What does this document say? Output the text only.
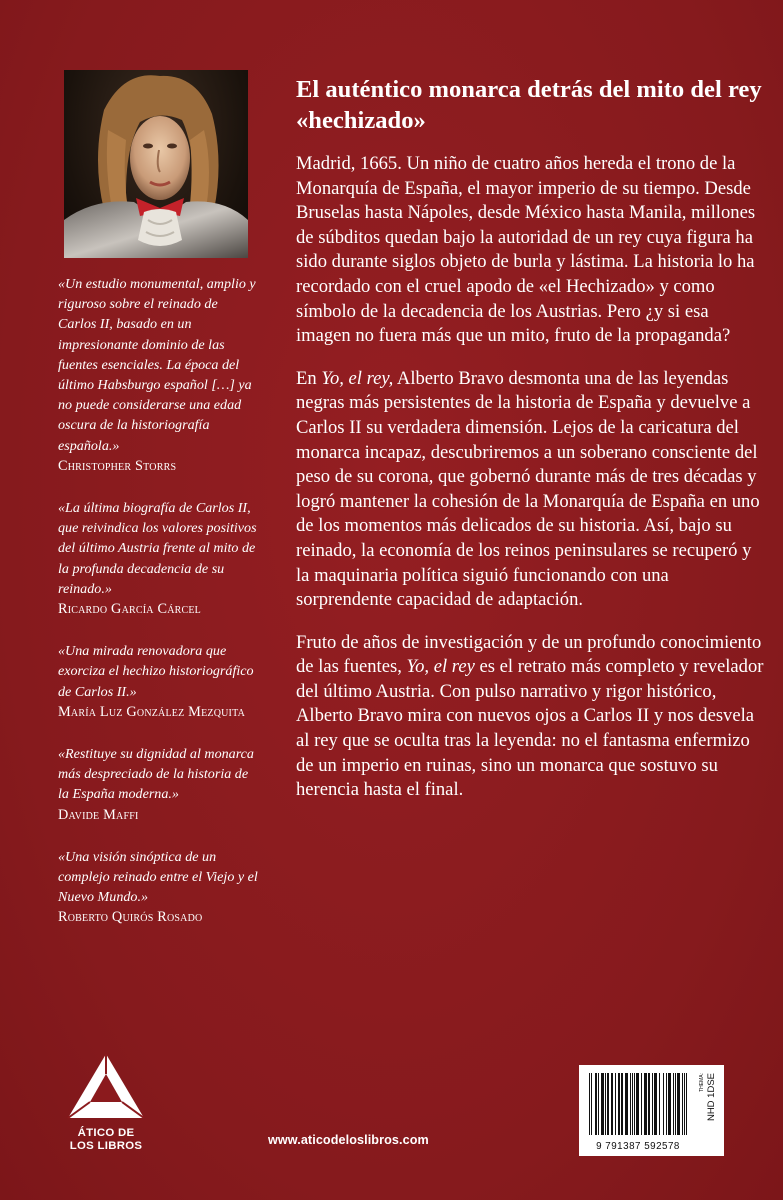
«Un estudio monumental, amplio y riguroso sobre el reinado de Carlos II, basado en un impresionante dominio de las fuentes esenciales. La época del último Habsburgo español […] ya no puede considerarse una edad oscura de la historiografía española.»
Christopher Storrs

«La última biografía de Carlos II, que reivindica los valores positivos del último Austria frente al mito de la profunda decadencia de su reinado.»
Ricardo García Cárcel

«Una mirada renovadora que exorciza el hechizo historiográfico de Carlos II.»
María Luz González Mezquita

«Restituye su dignidad al monarca más despreciado de la historia de la España moderna.»
Davide Maffi

«Una visión sinóptica de un complejo reinado entre el Viejo y el Nuevo Mundo.»
Roberto Quirós Rosado

El auténtico monarca detrás del mito del rey «hechizado»

Madrid, 1665. Un niño de cuatro años hereda el trono de la Monarquía de España, el mayor imperio de su tiempo. Desde Bruselas hasta Nápoles, desde México hasta Manila, millones de súbditos quedan bajo la autoridad de un rey cuya figura ha sido durante siglos objeto de burla y lástima. La historia lo ha recordado con el cruel apodo de «el Hechizado» y como símbolo de la decadencia de los Austrias. Pero ¿y si esa imagen no fuera más que un mito, fruto de la propaganda?

En Yo, el rey, Alberto Bravo desmonta una de las leyendas negras más persistentes de la historia de España y devuelve a Carlos II su verdadera dimensión. Lejos de la caricatura del monarca incapaz, descubriremos a un soberano consciente del peso de su corona, que gobernó durante más de tres décadas y logró mantener la cohesión de la Monarquía de España en uno de los momentos más delicados de su historia. Así, bajo su reinado, la economía de los reinos peninsulares se recuperó y la maquinaria política siguió funcionando con una sorprendente capacidad de adaptación.

Fruto de años de investigación y de un profundo conocimiento de las fuentes, Yo, el rey es el retrato más completo y revelador del último Austria. Con pulso narrativo y rigor histórico, Alberto Bravo mira con nuevos ojos a Carlos II y nos desvela al rey que se oculta tras la leyenda: no el fantasma enfermizo de un imperio en ruinas, sino un monarca que sostuvo su herencia hasta el final.

ÁTICO DE
LOS LIBROS	www.aticodeloslibros.com	9 791387 592578
THEMA: NHD 1DSE
